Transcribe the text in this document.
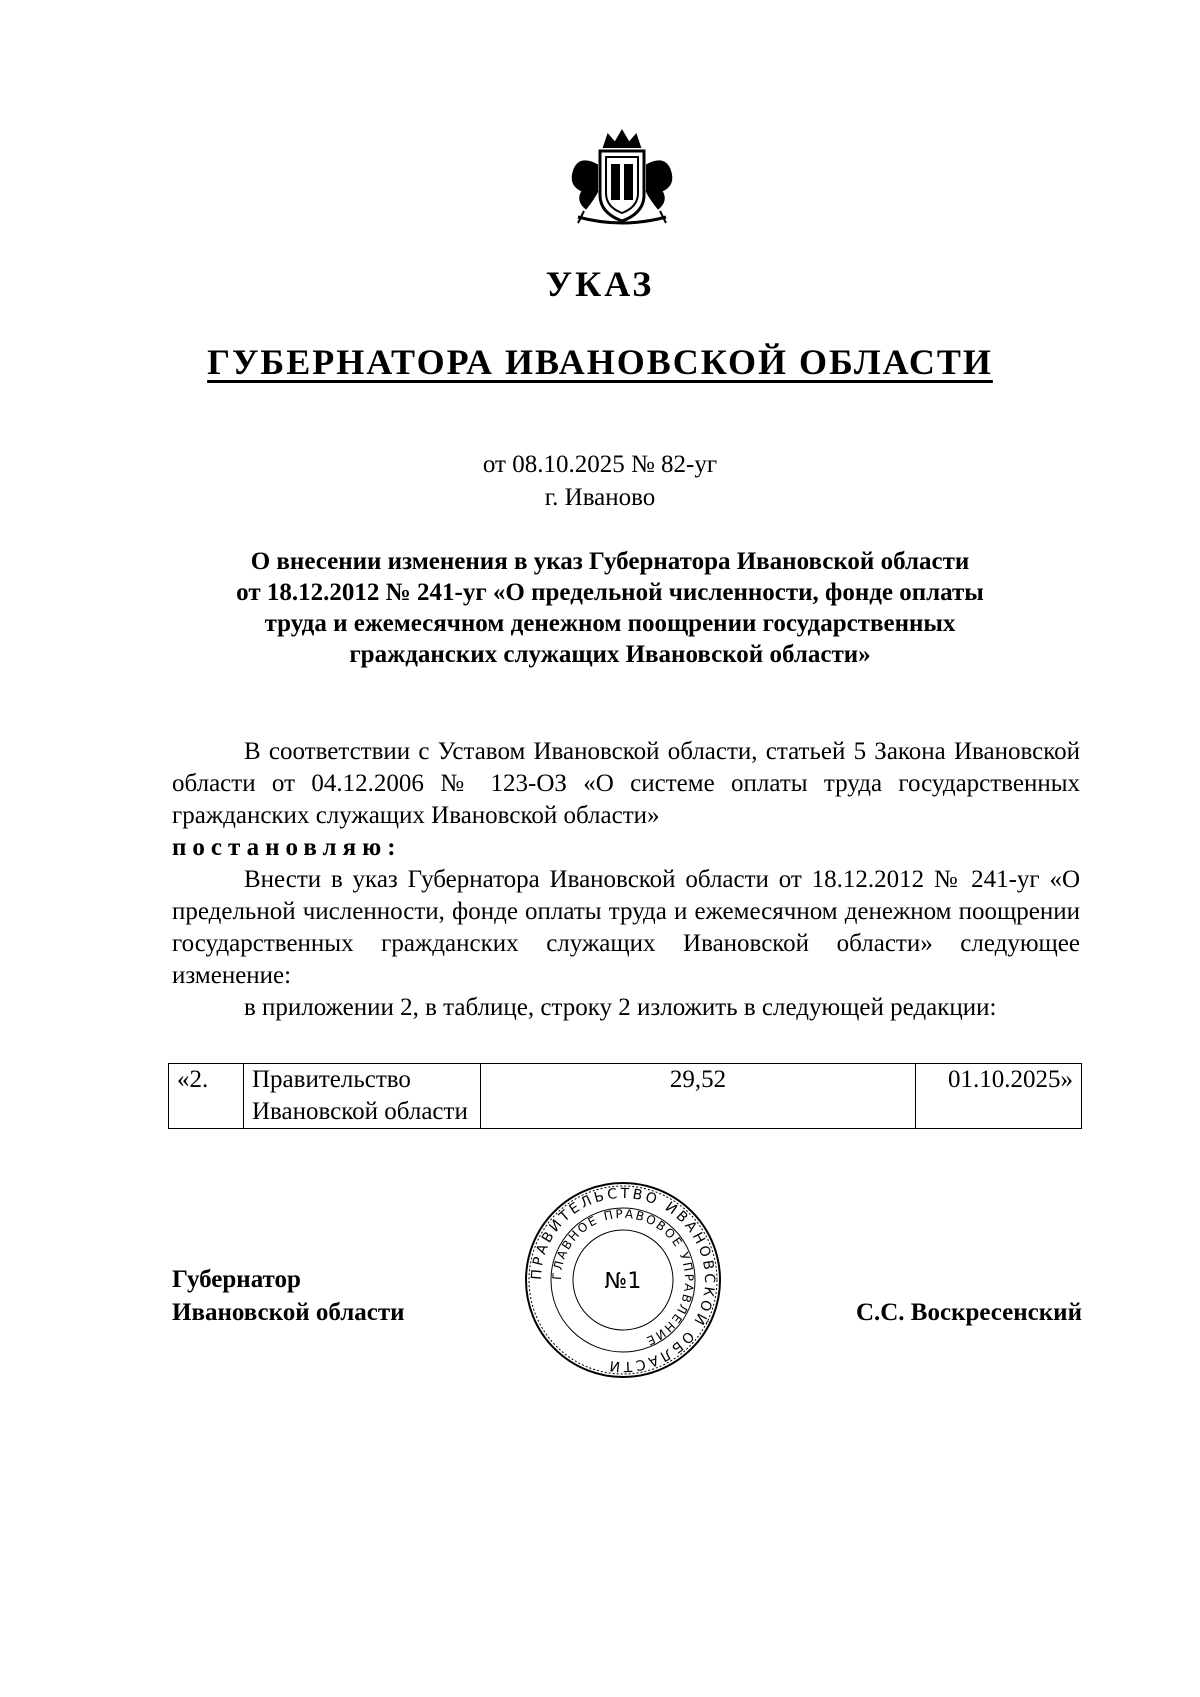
УКАЗ
ГУБЕРНАТОРА ИВАНОВСКОЙ ОБЛАСТИ
от 08.10.2025 № 82-уг
г. Иваново
О внесении изменения в указ Губернатора Ивановской области
от 18.12.2012 № 241-уг «О предельной численности, фонде оплаты
труда и ежемесячном денежном поощрении государственных
гражданских служащих Ивановской области»

В соответствии с Уставом Ивановской области, статьей 5 Закона Ивановской области от 04.12.2006 № 123-ОЗ «О системе оплаты труда государственных гражданских служащих Ивановской области»

постановляю:

Внести в указ Губернатора Ивановской области от 18.12.2012 № 241-уг «О предельной численности, фонде оплаты труда и ежемесячном денежном поощрении государственных гражданских служащих Ивановской области» следующее изменение:

в приложении 2, в таблице, строку 2 изложить в следующей редакции:

«2.	Правительство Ивановской области	29,52	01.10.2025»
ПРАВИТЕЛЬСТВО ИВАНОВСКОЙ ОБЛАСТИ
ГЛАВНОЕ ПРАВОВОЕ УПРАВЛЕНИЕ
№1
Губернатор
Ивановской области	С.С. Воскресенский
